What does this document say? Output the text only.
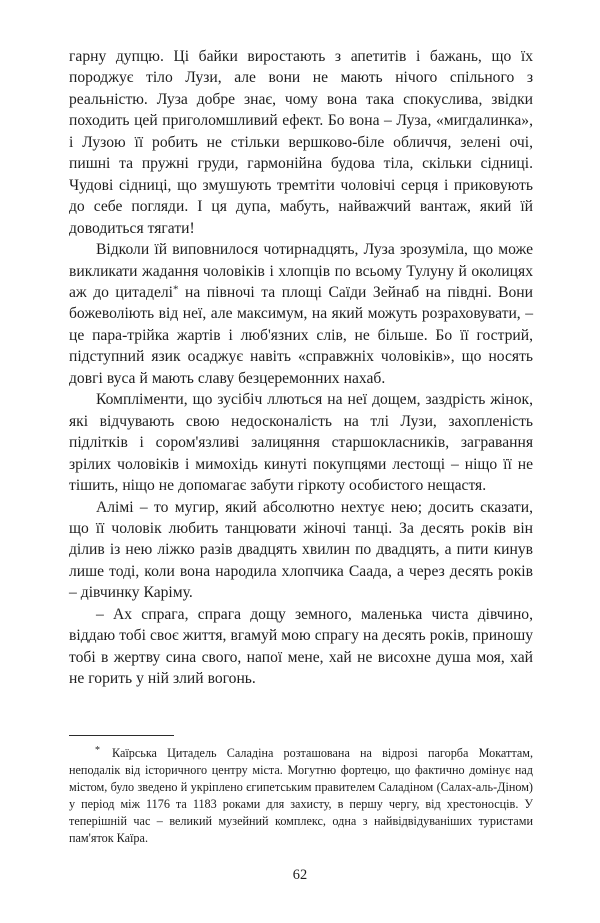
гарну дупцю. Ці байки виростають з апетитів і бажань, що їх породжує тіло Лузи, але вони не мають нічого спільного з реальністю. Луза добре знає, чому вона така спокуслива, звідки походить цей приголомшливий ефект. Бо вона – Луза, «мигдалинка», і Лузою її робить не стільки вершково-біле обличчя, зелені очі, пишні та пружні груди, гармонійна будова тіла, скільки сідниці. Чудові сідниці, що змушують тремтіти чоловічі серця і приковують до себе погляди. І ця дупа, мабуть, найважчий вантаж, який їй доводиться тягати!

Відколи їй виповнилося чотирнадцять, Луза зрозуміла, що може викликати жадання чоловіків і хлопців по всьому Тулуну й околицях аж до цитаделі* на півночі та площі Саїди Зейнаб на півдні. Вони божеволіють від неї, але максимум, на який можуть розраховувати, – це пара-трійка жартів і люб'язних слів, не більше. Бо її гострий, підступний язик осаджує навіть «справжніх чоловіків», що носять довгі вуса й мають славу безцеремонних нахаб.

Компліменти, що зусібіч ллються на неї дощем, заздрість жінок, які відчувають свою недосконалість на тлі Лузи, захопленість підлітків і сором'язливі залицяння старшокласників, загравання зрілих чоловіків і мимохідь кинуті покупцями лестощі – ніщо її не тішить, ніщо не допомагає забути гіркоту особистого нещастя.

Алімі – то мугир, який абсолютно нехтує нею; досить сказати, що її чоловік любить танцювати жіночі танці. За десять років він ділив із нею ліжко разів двадцять хвилин по двадцять, а пити кинув лише тоді, коли вона народила хлопчика Саада, а через десять років – дівчинку Каріму.

– Ах спрага, спрага дощу земного, маленька чиста дівчино, віддаю тобі своє життя, вгамуй мою спрагу на десять років, приношу тобі в жертву сина свого, напої мене, хай не висохне душа моя, хай не горить у ній злий вогонь.

* Каїрська Цитадель Саладіна розташована на відрозі пагорба Мокаттам, неподалік від історичного центру міста. Могутню фортецю, що фактично домінує над містом, було зведено й укріплено єгипетським правителем Саладіном (Салах-аль-Діном) у період між 1176 та 1183 роками для захисту, в першу чергу, від хрестоносців. У теперішній час – великий музейний комплекс, одна з найвідвідуваніших туристами пам'яток Каїра.

62
